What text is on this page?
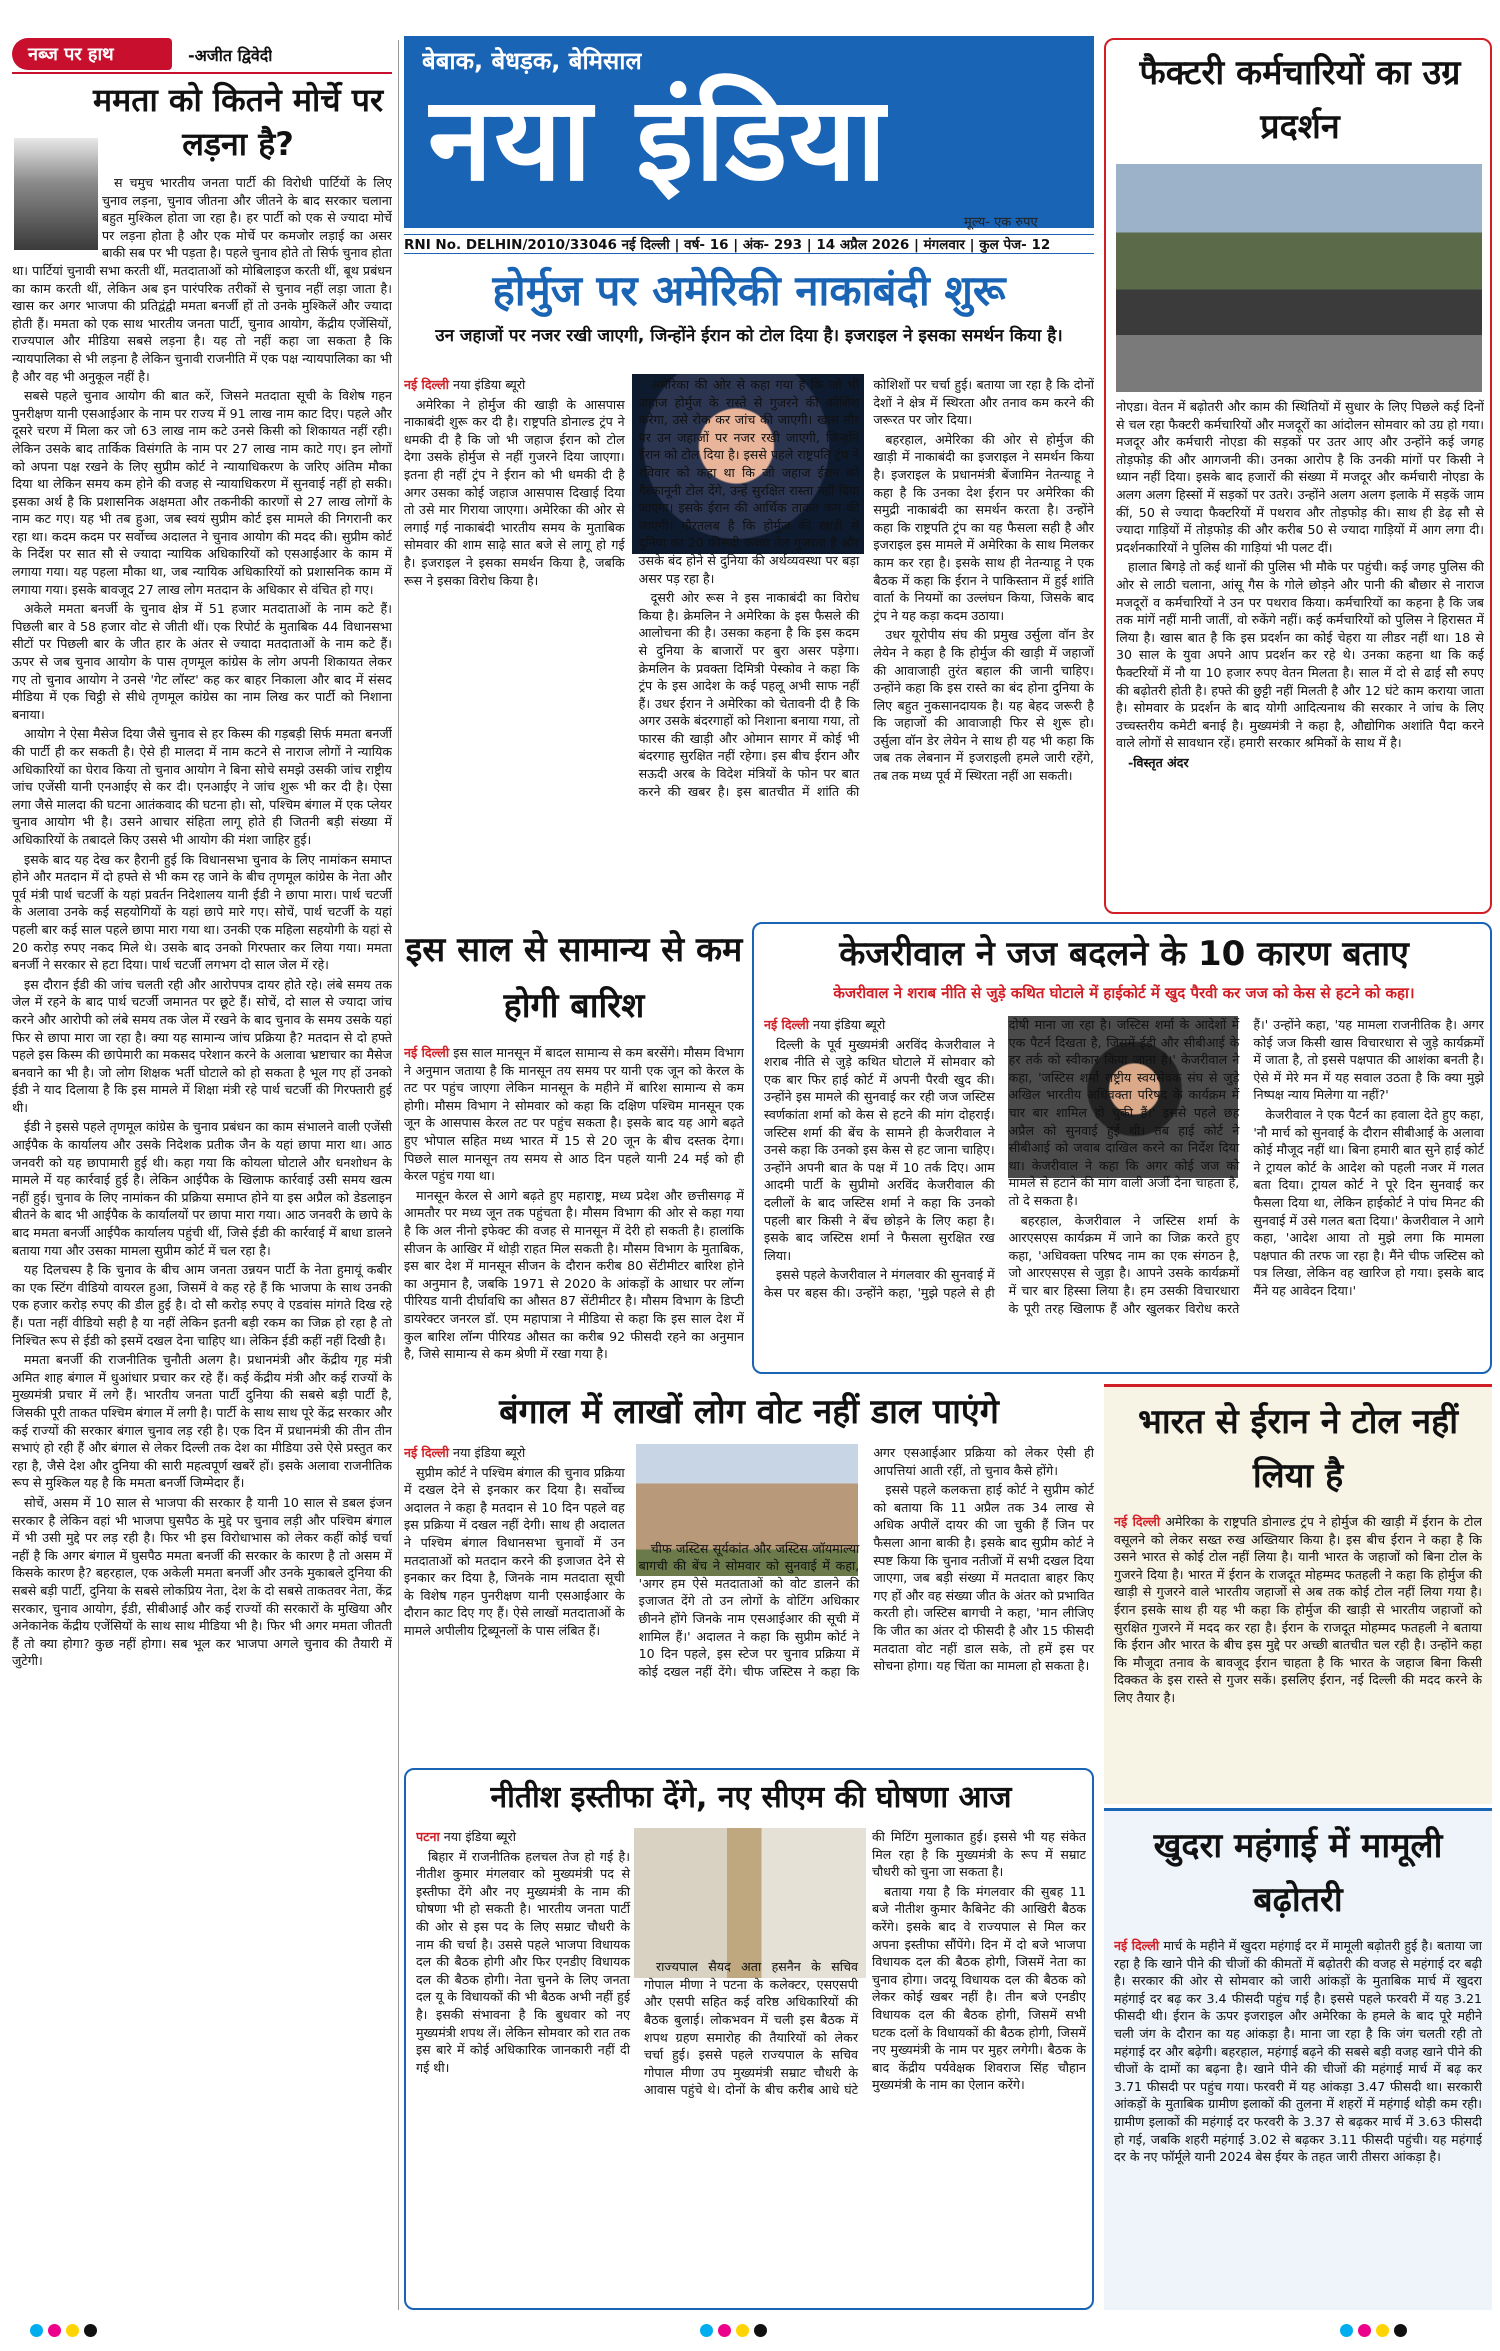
नब्ज पर हाथ	-अजीत द्विवेदी
ममता को कितने मोर्चे पर लड़ना है?

स चमुच भारतीय जनता पार्टी की विरोधी पार्टियों के लिए चुनाव लड़ना, चुनाव जीतना और जीतने के बाद सरकार चलाना बहुत मुश्किल होता जा रहा है। हर पार्टी को एक से ज्यादा मोर्चे पर लड़ना होता है और एक मोर्चे पर कमजोर लड़ाई का असर बाकी सब पर भी पड़ता है। पहले चुनाव होते तो सिर्फ चुनाव होता था। पार्टियां चुनावी सभा करती थीं, मतदाताओं को मोबिलाइज करती थीं, बूथ प्रबंधन का काम करती थीं, लेकिन अब इन पारंपरिक तरीकों से चुनाव नहीं लड़ा जाता है। खास कर अगर भाजपा की प्रतिद्वंद्वी ममता बनर्जी हों तो उनके मुश्किलें और ज्यादा होती हैं। ममता को एक साथ भारतीय जनता पार्टी, चुनाव आयोग, केंद्रीय एजेंसियों, राज्यपाल और मीडिया सबसे लड़ना है। यह तो नहीं कहा जा सकता है कि न्यायपालिका से भी लड़ना है लेकिन चुनावी राजनीति में एक पक्ष न्यायपालिका का भी है और वह भी अनुकूल नहीं है।

सबसे पहले चुनाव आयोग की बात करें, जिसने मतदाता सूची के विशेष गहन पुनरीक्षण यानी एसआईआर के नाम पर राज्य में 91 लाख नाम काट दिए। पहले और दूसरे चरण में मिला कर जो 63 लाख नाम कटे उनसे किसी को शिकायत नहीं रही। लेकिन उसके बाद तार्किक विसंगति के नाम पर 27 लाख नाम काटे गए। इन लोगों को अपना पक्ष रखने के लिए सुप्रीम कोर्ट ने न्यायाधिकरण के जरिए अंतिम मौका दिया था लेकिन समय कम होने की वजह से न्यायाधिकरण में सुनवाई नहीं हो सकी। इसका अर्थ है कि प्रशासनिक अक्षमता और तकनीकी कारणों से 27 लाख लोगों के नाम कट गए। यह भी तब हुआ, जब स्वयं सुप्रीम कोर्ट इस मामले की निगरानी कर रहा था। कदम कदम पर सर्वोच्च अदालत ने चुनाव आयोग की मदद की। सुप्रीम कोर्ट के निर्देश पर सात सौ से ज्यादा न्यायिक अधिकारियों को एसआईआर के काम में लगाया गया। यह पहला मौका था, जब न्यायिक अधिकारियों को प्रशासनिक काम में लगाया गया। इसके बावजूद 27 लाख लोग मतदान के अधिकार से वंचित हो गए।

अकेले ममता बनर्जी के चुनाव क्षेत्र में 51 हजार मतदाताओं के नाम कटे हैं। पिछली बार वे 58 हजार वोट से जीती थीं। एक रिपोर्ट के मुताबिक 44 विधानसभा सीटों पर पिछली बार के जीत हार के अंतर से ज्यादा मतदाताओं के नाम कटे हैं। ऊपर से जब चुनाव आयोग के पास तृणमूल कांग्रेस के लोग अपनी शिकायत लेकर गए तो चुनाव आयोग ने उनसे 'गेट लॉस्ट' कह कर बाहर निकाला और बाद में संसद मीडिया में एक चिट्ठी से सीधे तृणमूल कांग्रेस का नाम लिख कर पार्टी को निशाना बनाया।

आयोग ने ऐसा मैसेज दिया जैसे चुनाव से हर किस्म की गड़बड़ी सिर्फ ममता बनर्जी की पार्टी ही कर सकती है। ऐसे ही मालदा में नाम कटने से नाराज लोगों ने न्यायिक अधिकारियों का घेराव किया तो चुनाव आयोग ने बिना सोचे समझे उसकी जांच राष्ट्रीय जांच एजेंसी यानी एनआईए से कर दी। एनआईए ने जांच शुरू भी कर दी है। ऐसा लगा जैसे मालदा की घटना आतंकवाद की घटना हो। सो, पश्चिम बंगाल में एक प्लेयर चुनाव आयोग भी है। उसने आचार संहिता लागू होते ही जितनी बड़ी संख्या में अधिकारियों के तबादले किए उससे भी आयोग की मंशा जाहिर हुई।

इसके बाद यह देख कर हैरानी हुई कि विधानसभा चुनाव के लिए नामांकन समाप्त होने और मतदान में दो हफ्ते से भी कम रह जाने के बीच तृणमूल कांग्रेस के नेता और पूर्व मंत्री पार्थ चटर्जी के यहां प्रवर्तन निदेशालय यानी ईडी ने छापा मारा। पार्थ चटर्जी के अलावा उनके कई सहयोगियों के यहां छापे मारे गए। सोचें, पार्थ चटर्जी के यहां पहली बार कई साल पहले छापा मारा गया था। उनकी एक महिला सहयोगी के यहां से 20 करोड़ रुपए नकद मिले थे। उसके बाद उनको गिरफ्तार कर लिया गया। ममता बनर्जी ने सरकार से हटा दिया। पार्थ चटर्जी लगभग दो साल जेल में रहे।

इस दौरान ईडी की जांच चलती रही और आरोपपत्र दायर होते रहे। लंबे समय तक जेल में रहने के बाद पार्थ चटर्जी जमानत पर छूटे हैं। सोचें, दो साल से ज्यादा जांच करने और आरोपी को लंबे समय तक जेल में रखने के बाद चुनाव के समय उसके यहां फिर से छापा मारा जा रहा है। क्या यह सामान्य जांच प्रक्रिया है? मतदान से दो हफ्ते पहले इस किस्म की छापेमारी का मकसद परेशान करने के अलावा भ्रष्टाचार का मैसेज बनवाने का भी है। जो लोग शिक्षक भर्ती घोटाले को हो सकता है भूल गए हों उनको ईडी ने याद दिलाया है कि इस मामले में शिक्षा मंत्री रहे पार्थ चटर्जी की गिरफ्तारी हुई थी।

ईडी ने इससे पहले तृणमूल कांग्रेस के चुनाव प्रबंधन का काम संभालने वाली एजेंसी आईपैक के कार्यालय और उसके निदेशक प्रतीक जैन के यहां छापा मारा था। आठ जनवरी को यह छापामारी हुई थी। कहा गया कि कोयला घोटाले और धनशोधन के मामले में यह कार्रवाई हुई है। लेकिन आईपैक के खिलाफ कार्रवाई उसी समय खत्म नहीं हुई। चुनाव के लिए नामांकन की प्रक्रिया समाप्त होने या इस अप्रैल को डेडलाइन बीतने के बाद भी आईपैक के कार्यालयों पर छापा मारा गया। आठ जनवरी के छापे के बाद ममता बनर्जी आईपैक कार्यालय पहुंची थीं, जिसे ईडी की कार्रवाई में बाधा डालने बताया गया और उसका मामला सुप्रीम कोर्ट में चल रहा है।

यह दिलचस्प है कि चुनाव के बीच आम जनता उन्नयन पार्टी के नेता हुमायूं कबीर का एक स्टिंग वीडियो वायरल हुआ, जिसमें वे कह रहे हैं कि भाजपा के साथ उनकी एक हजार करोड़ रुपए की डील हुई है। दो सौ करोड़ रुपए वे एडवांस मांगते दिख रहे हैं। पता नहीं वीडियो सही है या नहीं लेकिन इतनी बड़ी रकम का जिक्र हो रहा है तो निश्चित रूप से ईडी को इसमें दखल देना चाहिए था। लेकिन ईडी कहीं नहीं दिखी है।

ममता बनर्जी की राजनीतिक चुनौती अलग है। प्रधानमंत्री और केंद्रीय गृह मंत्री अमित शाह बंगाल में धुआंधार प्रचार कर रहे हैं। कई केंद्रीय मंत्री और कई राज्यों के मुख्यमंत्री प्रचार में लगे हैं। भारतीय जनता पार्टी दुनिया की सबसे बड़ी पार्टी है, जिसकी पूरी ताकत पश्चिम बंगाल में लगी है। पार्टी के साथ साथ पूरे केंद्र सरकार और कई राज्यों की सरकार बंगाल चुनाव लड़ रही है। एक दिन में प्रधानमंत्री की तीन तीन सभाएं हो रही हैं और बंगाल से लेकर दिल्ली तक देश का मीडिया उसे ऐसे प्रस्तुत कर रहा है, जैसे देश और दुनिया की सारी महत्वपूर्ण खबरें हों। इसके अलावा राजनीतिक रूप से मुश्किल यह है कि ममता बनर्जी जिम्मेदार हैं।

सोचें, असम में 10 साल से भाजपा की सरकार है यानी 10 साल से डबल इंजन सरकार है लेकिन वहां भी भाजपा घुसपैठ के मुद्दे पर चुनाव लड़ी और पश्चिम बंगाल में भी उसी मुद्दे पर लड़ रही है। फिर भी इस विरोधाभास को लेकर कहीं कोई चर्चा नहीं है कि अगर बंगाल में घुसपैठ ममता बनर्जी की सरकार के कारण है तो असम में किसके कारण है? बहरहाल, एक अकेली ममता बनर्जी और उनके मुकाबले दुनिया की सबसे बड़ी पार्टी, दुनिया के सबसे लोकप्रिय नेता, देश के दो सबसे ताकतवर नेता, केंद्र सरकार, चुनाव आयोग, ईडी, सीबीआई और कई राज्यों की सरकारों के मुखिया और अनेकानेक केंद्रीय एजेंसियों के साथ साथ मीडिया भी है। फिर भी अगर ममता जीतती हैं तो क्या होगा? कुछ नहीं होगा। सब भूल कर भाजपा अगले चुनाव की तैयारी में जुटेगी।

बेबाक, बेधड़क, बेमिसाल
नया इंडिया
मूल्य- एक रुपए
RNI No. DELHIN/2010/33046 नई दिल्ली | वर्ष- 16 | अंक- 293 | 14 अप्रैल 2026 | मंगलवार | कुल पेज- 12
होर्मुज पर अमेरिकी नाकाबंदी शुरू
उन जहाजों पर नजर रखी जाएगी, जिन्होंने ईरान को टोल दिया है। इजराइल ने इसका समर्थन किया है।

नई दिल्ली नया इंडिया ब्यूरो

अमेरिका ने होर्मुज की खाड़ी के आसपास नाकाबंदी शुरू कर दी है। राष्ट्रपति डोनाल्ड ट्रंप ने धमकी दी है कि जो भी जहाज ईरान को टोल देगा उसके होर्मुज से नहीं गुजरने दिया जाएगा। इतना ही नहीं ट्रंप ने ईरान को भी धमकी दी है अगर उसका कोई जहाज आसपास दिखाई दिया तो उसे मार गिराया जाएगा। अमेरिका की ओर से लगाई गई नाकाबंदी भारतीय समय के मुताबिक सोमवार की शाम साढ़े सात बजे से लागू हो गई है। इजराइल ने इसका समर्थन किया है, जबकि रूस ने इसका विरोध किया है।

अमेरिका की ओर से कहा गया है कि जो भी जहाज होर्मुज के रास्ते से गुजरने की कोशिश करेगा, उसे रोक कर जांच की जाएगी। खास तौर पर उन जहाजों पर नजर रखी जाएगी, जिन्होंने ईरान को टोल दिया है। इससे पहले राष्ट्रपति ट्रंप ने रविवार को कहा था कि जो जहाज ईरान को गैरकानूनी टोल देंगे, उन्हें सुरक्षित रास्ता नहीं दिया जाएगा। इसके ईरान की आर्थिक ताकत कम की जाएगी। गौरतलब है कि होर्मुज की खाड़ी से दुनिया का 20 फीसदी कच्चा तेल गुजरता है और उसके बंद होने से दुनिया की अर्थव्यवस्था पर बड़ा असर पड़ रहा है।

दूसरी ओर रूस ने इस नाकाबंदी का विरोध किया है। क्रेमलिन ने अमेरिका के इस फैसले की आलोचना की है। उसका कहना है कि इस कदम से दुनिया के बाजारों पर बुरा असर पड़ेगा। क्रेमलिन के प्रवक्ता दिमित्री पेस्कोव ने कहा कि ट्रंप के इस आदेश के कई पहलू अभी साफ नहीं हैं। उधर ईरान ने अमेरिका को चेतावनी दी है कि अगर उसके बंदरगाहों को निशाना बनाया गया, तो फारस की खाड़ी और ओमान सागर में कोई भी बंदरगाह सुरक्षित नहीं रहेगा। इस बीच ईरान और सऊदी अरब के विदेश मंत्रियों के फोन पर बात करने की खबर है। इस बातचीत में शांति की कोशिशों पर चर्चा हुई। बताया जा रहा है कि दोनों देशों ने क्षेत्र में स्थिरता और तनाव कम करने की जरूरत पर जोर दिया।

बहरहाल, अमेरिका की ओर से होर्मुज की खाड़ी में नाकाबंदी का इजराइल ने समर्थन किया है। इजराइल के प्रधानमंत्री बेंजामिन नेतन्याहू ने कहा है कि उनका देश ईरान पर अमेरिका की समुद्री नाकाबंदी का समर्थन करता है। उन्होंने कहा कि राष्ट्रपति ट्रंप का यह फैसला सही है और इजराइल इस मामले में अमेरिका के साथ मिलकर काम कर रहा है। इसके साथ ही नेतन्याहू ने एक बैठक में कहा कि ईरान ने पाकिस्तान में हुई शांति वार्ता के नियमों का उल्लंघन किया, जिसके बाद ट्रंप ने यह कड़ा कदम उठाया।

उधर यूरोपीय संघ की प्रमुख उर्सुला वॉन डेर लेयेन ने कहा है कि होर्मुज की खाड़ी में जहाजों की आवाजाही तुरंत बहाल की जानी चाहिए। उन्होंने कहा कि इस रास्ते का बंद होना दुनिया के लिए बहुत नुकसानदायक है। यह बेहद जरूरी है कि जहाजों की आवाजाही फिर से शुरू हो। उर्सुला वॉन डेर लेयेन ने साथ ही यह भी कहा कि जब तक लेबनान में इजराइली हमले जारी रहेंगे, तब तक मध्य पूर्व में स्थिरता नहीं आ सकती।

फैक्टरी कर्मचारियों का उग्र प्रदर्शन

नोएडा। वेतन में बढ़ोतरी और काम की स्थितियों में सुधार के लिए पिछले कई दिनों से चल रहा फैक्टरी कर्मचारियों और मजदूरों का आंदोलन सोमवार को उग्र हो गया। मजदूर और कर्मचारी नोएडा की सड़कों पर उतर आए और उन्होंने कई जगह तोड़फोड़ की और आगजनी की। उनका आरोप है कि उनकी मांगों पर किसी ने ध्यान नहीं दिया। इसके बाद हजारों की संख्या में मजदूर और कर्मचारी नोएडा के अलग अलग हिस्सों में सड़कों पर उतरे। उन्होंने अलग अलग इलाके में सड़कें जाम कीं, 50 से ज्यादा फैक्टरियों में पथराव और तोड़फोड़ की। साथ ही डेढ़ सौ से ज्यादा गाड़ियों में तोड़फोड़ की और करीब 50 से ज्यादा गाड़ियों में आग लगा दी। प्रदर्शनकारियों ने पुलिस की गाड़ियां भी पलट दीं।

हालात बिगड़े तो कई थानों की पुलिस भी मौके पर पहुंची। कई जगह पुलिस की ओर से लाठी चलाना, आंसू गैस के गोले छोड़ने और पानी की बौछार से नाराज मजदूरों व कर्मचारियों ने उन पर पथराव किया। कर्मचारियों का कहना है कि जब तक मांगें नहीं मानी जातीं, वो रुकेंगे नहीं। कई कर्मचारियों को पुलिस ने हिरासत में लिया है। खास बात है कि इस प्रदर्शन का कोई चेहरा या लीडर नहीं था। 18 से 30 साल के युवा अपने आप प्रदर्शन कर रहे थे। उनका कहना था कि कई फैक्टरियों में नौ या 10 हजार रुपए वेतन मिलता है। साल में दो से ढाई सौ रुपए की बढ़ोतरी होती है। हफ्ते की छुट्टी नहीं मिलती है और 12 घंटे काम कराया जाता है। सोमवार के प्रदर्शन के बाद योगी आदित्यनाथ की सरकार ने जांच के लिए उच्चस्तरीय कमेटी बनाई है। मुख्यमंत्री ने कहा है, औद्योगिक अशांति पैदा करने वाले लोगों से सावधान रहें। हमारी सरकार श्रमिकों के साथ में है।

-विस्तृत अंदर

इस साल से सामान्य से कम होगी बारिश

नई दिल्ली इस साल मानसून में बादल सामान्य से कम बरसेंगे। मौसम विभाग ने अनुमान जताया है कि मानसून तय समय पर यानी एक जून को केरल के तट पर पहुंच जाएगा लेकिन मानसून के महीने में बारिश सामान्य से कम होगी। मौसम विभाग ने सोमवार को कहा कि दक्षिण पश्चिम मानसून एक जून के आसपास केरल तट पर पहुंच सकता है। इसके बाद यह आगे बढ़ते हुए भोपाल सहित मध्य भारत में 15 से 20 जून के बीच दस्तक देगा। पिछले साल मानसून तय समय से आठ दिन पहले यानी 24 मई को ही केरल पहुंच गया था।

मानसून केरल से आगे बढ़ते हुए महाराष्ट्र, मध्य प्रदेश और छत्तीसगढ़ में आमतौर पर मध्य जून तक पहुंचता है। मौसम विभाग की ओर से कहा गया है कि अल नीनो इफेक्ट की वजह से मानसून में देरी हो सकती है। हालांकि सीजन के आखिर में थोड़ी राहत मिल सकती है। मौसम विभाग के मुताबिक, इस बार देश में मानसून सीजन के दौरान करीब 80 सेंटीमीटर बारिश होने का अनुमान है, जबकि 1971 से 2020 के आंकड़ों के आधार पर लॉन्ग पीरियड यानी दीर्घावधि का औसत 87 सेंटीमीटर है। मौसम विभाग के डिप्टी डायरेक्टर जनरल डॉ. एम महापात्रा ने मीडिया से कहा कि इस साल देश में कुल बारिश लॉन्ग पीरियड औसत का करीब 92 फीसदी रहने का अनुमान है, जिसे सामान्य से कम श्रेणी में रखा गया है।

केजरीवाल ने जज बदलने के 10 कारण बताए
केजरीवाल ने शराब नीति से जुड़े कथित घोटाले में हाईकोर्ट में खुद पैरवी कर जज को केस से हटने को कहा।

नई दिल्ली नया इंडिया ब्यूरो

दिल्ली के पूर्व मुख्यमंत्री अरविंद केजरीवाल ने शराब नीति से जुड़े कथित घोटाले में सोमवार को एक बार फिर हाई कोर्ट में अपनी पैरवी खुद की। उन्होंने इस मामले की सुनवाई कर रही जज जस्टिस स्वर्णकांता शर्मा को केस से हटने की मांग दोहराई। जस्टिस शर्मा की बेंच के सामने ही केजरीवाल ने उनसे कहा कि उनको इस केस से हट जाना चाहिए। उन्होंने अपनी बात के पक्ष में 10 तर्क दिए। आम आदमी पार्टी के सुप्रीमो अरविंद केजरीवाल की दलीलों के बाद जस्टिस शर्मा ने कहा कि उनको पहली बार किसी ने बेंच छोड़ने के लिए कहा है। इसके बाद जस्टिस शर्मा ने फैसला सुरक्षित रख लिया।

इससे पहले केजरीवाल ने मंगलवार की सुनवाई में केस पर बहस की। उन्होंने कहा, 'मुझे पहले से ही दोषी माना जा रहा है। जस्टिस शर्मा के आदेशों में एक पैटर्न दिखता है, जिसमें ईडी और सीबीआई के हर तर्क को स्वीकार किया जाता है।' केजरीवाल ने कहा, 'जस्टिस शर्मा राष्ट्रीय स्वयंसेवक संघ से जुड़े अखिल भारतीय अधिवक्ता परिषद के कार्यक्रम में चार बार शामिल हो चुकी हैं।' इससे पहले छह अप्रैल को सुनवाई हुई थी। तब हाई कोर्ट ने सीबीआई को जवाब दाखिल करने का निर्देश दिया था। केजरीवाल ने कहा कि अगर कोई जज को मामले से हटाने की मांग वाली अर्जी देना चाहता है, तो दे सकता है।

बहरहाल, केजरीवाल ने जस्टिस शर्मा के आरएसएस कार्यक्रम में जाने का जिक्र करते हुए कहा, 'अधिवक्ता परिषद नाम का एक संगठन है, जो आरएसएस से जुड़ा है। आपने उसके कार्यक्रमों में चार बार हिस्सा लिया है। हम उसकी विचारधारा के पूरी तरह खिलाफ हैं और खुलकर विरोध करते हैं।' उन्होंने कहा, 'यह मामला राजनीतिक है। अगर कोई जज किसी खास विचारधारा से जुड़े कार्यक्रमों में जाता है, तो इससे पक्षपात की आशंका बनती है। ऐसे में मेरे मन में यह सवाल उठता है कि क्या मुझे निष्पक्ष न्याय मिलेगा या नहीं?'

केजरीवाल ने एक पैटर्न का हवाला देते हुए कहा, 'नौ मार्च को सुनवाई के दौरान सीबीआई के अलावा कोई मौजूद नहीं था। बिना हमारी बात सुने हाई कोर्ट ने ट्रायल कोर्ट के आदेश को पहली नजर में गलत बता दिया। ट्रायल कोर्ट ने पूरे दिन सुनवाई कर फैसला दिया था, लेकिन हाईकोर्ट ने पांच मिनट की सुनवाई में उसे गलत बता दिया।' केजरीवाल ने आगे कहा, 'आदेश आया तो मुझे लगा कि मामला पक्षपात की तरफ जा रहा है। मैंने चीफ जस्टिस को पत्र लिखा, लेकिन वह खारिज हो गया। इसके बाद मैंने यह आवेदन दिया।'

बंगाल में लाखों लोग वोट नहीं डाल पाएंगे

नई दिल्ली नया इंडिया ब्यूरो

सुप्रीम कोर्ट ने पश्चिम बंगाल की चुनाव प्रक्रिया में दखल देने से इनकार कर दिया है। सर्वोच्च अदालत ने कहा है मतदान से 10 दिन पहले वह इस प्रक्रिया में दखल नहीं देगी। साथ ही अदालत ने पश्चिम बंगाल विधानसभा चुनावों में उन मतदाताओं को मतदान करने की इजाजत देने से इनकार कर दिया है, जिनके नाम मतदाता सूची के विशेष गहन पुनरीक्षण यानी एसआईआर के दौरान काट दिए गए हैं। ऐसे लाखों मतदाताओं के मामले अपीलीय ट्रिब्यूनलों के पास लंबित हैं।

चीफ जस्टिस सूर्यकांत और जस्टिस जॉयमाल्या बागची की बेंच ने सोमवार को सुनवाई में कहा, 'अगर हम ऐसे मतदाताओं को वोट डालने की इजाजत देंगे तो उन लोगों के वोटिंग अधिकार छीनने होंगे जिनके नाम एसआईआर की सूची में शामिल हैं।' अदालत ने कहा कि सुप्रीम कोर्ट ने 10 दिन पहले, इस स्टेज पर चुनाव प्रक्रिया में कोई दखल नहीं देंगे। चीफ जस्टिस ने कहा कि अगर एसआईआर प्रक्रिया को लेकर ऐसी ही आपत्तियां आती रहीं, तो चुनाव कैसे होंगे।

इससे पहले कलकत्ता हाई कोर्ट ने सुप्रीम कोर्ट को बताया कि 11 अप्रैल तक 34 लाख से अधिक अपीलें दायर की जा चुकी हैं जिन पर फैसला आना बाकी है। इसके बाद सुप्रीम कोर्ट ने स्पष्ट किया कि चुनाव नतीजों में सभी दखल दिया जाएगा, जब बड़ी संख्या में मतदाता बाहर किए गए हों और वह संख्या जीत के अंतर को प्रभावित करती हो। जस्टिस बागची ने कहा, 'मान लीजिए कि जीत का अंतर दो फीसदी है और 15 फीसदी मतदाता वोट नहीं डाल सके, तो हमें इस पर सोचना होगा। यह चिंता का मामला हो सकता है।

नीतीश इस्तीफा देंगे, नए सीएम की घोषणा आज

पटना नया इंडिया ब्यूरो

बिहार में राजनीतिक हलचल तेज हो गई है। नीतीश कुमार मंगलवार को मुख्यमंत्री पद से इस्तीफा देंगे और नए मुख्यमंत्री के नाम की घोषणा भी हो सकती है। भारतीय जनता पार्टी की ओर से इस पद के लिए सम्राट चौधरी के नाम की चर्चा है। उससे पहले भाजपा विधायक दल की बैठक होगी और फिर एनडीए विधायक दल की बैठक होगी। नेता चुनने के लिए जनता दल यू के विधायकों की भी बैठक अभी नहीं हुई है। इसकी संभावना है कि बुधवार को नए मुख्यमंत्री शपथ लें। लेकिन सोमवार को रात तक इस बारे में कोई अधिकारिक जानकारी नहीं दी गई थी।

राज्यपाल सैयद अता हसनैन के सचिव गोपाल मीणा ने पटना के कलेक्टर, एसएसपी और एसपी सहित कई वरिष्ठ अधिकारियों की बैठक बुलाई। लोकभवन में चली इस बैठक में शपथ ग्रहण समारोह की तैयारियों को लेकर चर्चा हुई। इससे पहले राज्यपाल के सचिव गोपाल मीणा उप मुख्यमंत्री सम्राट चौधरी के आवास पहुंचे थे। दोनों के बीच करीब आधे घंटे की मिटिंग मुलाकात हुई। इससे भी यह संकेत मिल रहा है कि मुख्यमंत्री के रूप में सम्राट चौधरी को चुना जा सकता है।

बताया गया है कि मंगलवार की सुबह 11 बजे नीतीश कुमार कैबिनेट की आखिरी बैठक करेंगे। इसके बाद वे राज्यपाल से मिल कर अपना इस्तीफा सौंपेंगे। दिन में दो बजे भाजपा विधायक दल की बैठक होगी, जिसमें नेता का चुनाव होगा। जदयू विधायक दल की बैठक को लेकर कोई खबर नहीं है। तीन बजे एनडीए विधायक दल की बैठक होगी, जिसमें सभी घटक दलों के विधायकों की बैठक होगी, जिसमें नए मुख्यमंत्री के नाम पर मुहर लगेगी। बैठक के बाद केंद्रीय पर्यवेक्षक शिवराज सिंह चौहान मुख्यमंत्री के नाम का ऐलान करेंगे।

भारत से ईरान ने टोल नहीं लिया है

नई दिल्ली अमेरिका के राष्ट्रपति डोनाल्ड ट्रंप ने होर्मुज की खाड़ी में ईरान के टोल वसूलने को लेकर सख्त रुख अख्तियार किया है। इस बीच ईरान ने कहा है कि उसने भारत से कोई टोल नहीं लिया है। यानी भारत के जहाजों को बिना टोल के गुजरने दिया है। भारत में ईरान के राजदूत मोहम्मद फतहली ने कहा कि होर्मुज की खाड़ी से गुजरने वाले भारतीय जहाजों से अब तक कोई टोल नहीं लिया गया है। ईरान इसके साथ ही यह भी कहा कि होर्मुज की खाड़ी से भारतीय जहाजों को सुरक्षित गुजरने में मदद कर रहा है। ईरान के राजदूत मोहम्मद फतहली ने बताया कि ईरान और भारत के बीच इस मुद्दे पर अच्छी बातचीत चल रही है। उन्होंने कहा कि मौजूदा तनाव के बावजूद ईरान चाहता है कि भारत के जहाज बिना किसी दिक्कत के इस रास्ते से गुजर सकें। इसलिए ईरान, नई दिल्ली की मदद करने के लिए तैयार है।

खुदरा महंगाई में मामूली बढ़ोतरी

नई दिल्ली मार्च के महीने में खुदरा महंगाई दर में मामूली बढ़ोतरी हुई है। बताया जा रहा है कि खाने पीने की चीजों की कीमतों में बढ़ोतरी की वजह से महंगाई दर बढ़ी है। सरकार की ओर से सोमवार को जारी आंकड़ों के मुताबिक मार्च में खुदरा महंगाई दर बढ़ कर 3.4 फीसदी पहुंच गई है। इससे पहले फरवरी में यह 3.21 फीसदी थी। ईरान के ऊपर इजराइल और अमेरिका के हमले के बाद पूरे महीने चली जंग के दौरान का यह आंकड़ा है। माना जा रहा है कि जंग चलती रही तो महंगाई दर और बढ़ेगी। बहरहाल, महंगाई बढ़ने की सबसे बड़ी वजह खाने पीने की चीजों के दामों का बढ़ना है। खाने पीने की चीजों की महंगाई मार्च में बढ़ कर 3.71 फीसदी पर पहुंच गया। फरवरी में यह आंकड़ा 3.47 फीसदी था। सरकारी आंकड़ों के मुताबिक ग्रामीण इलाकों की तुलना में शहरों में महंगाई थोड़ी कम रही। ग्रामीण इलाकों की महंगाई दर फरवरी के 3.37 से बढ़कर मार्च में 3.63 फीसदी हो गई, जबकि शहरी महंगाई 3.02 से बढ़कर 3.11 फीसदी पहुंची। यह महंगाई दर के नए फॉर्मूले यानी 2024 बेस ईयर के तहत जारी तीसरा आंकड़ा है।
